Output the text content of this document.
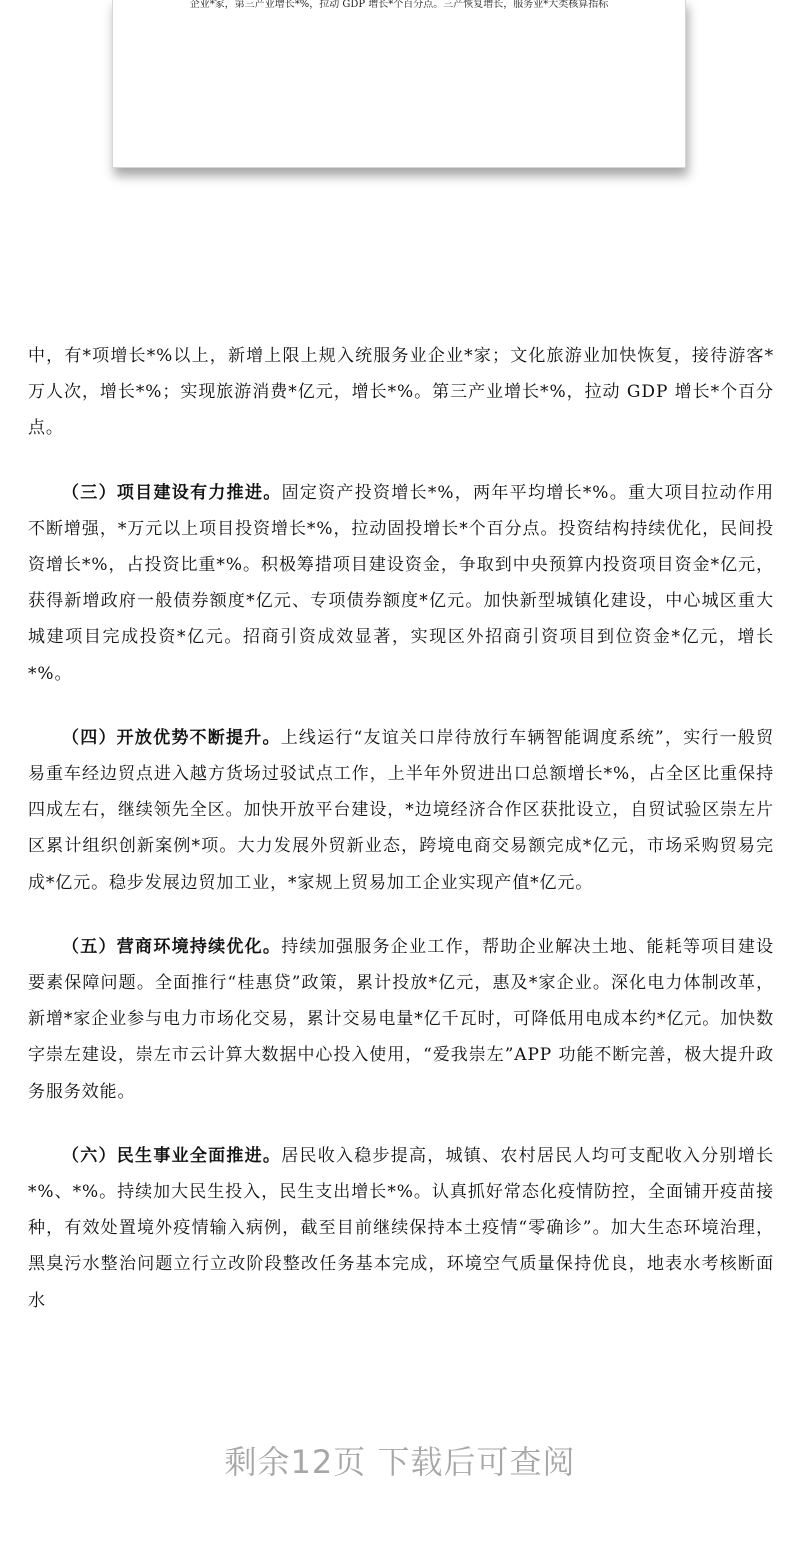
企业*家，第三产业增长*%，拉动 GDP 增长*个百分点。三产恢复增长，服务业*大类核算指标

中，有*项增长*%以上，新增上限上规入统服务业企业*家；文化旅游业加快恢复，接待游客*万人次，增长*%；实现旅游消费*亿元，增长*%。第三产业增长*%，拉动 GDP 增长*个百分点。

（三）项目建设有力推进。固定资产投资增长*%，两年平均增长*%。重大项目拉动作用不断增强，*万元以上项目投资增长*%，拉动固投增长*个百分点。投资结构持续优化，民间投资增长*%，占投资比重*%。积极筹措项目建设资金，争取到中央预算内投资项目资金*亿元，获得新增政府一般债券额度*亿元、专项债券额度*亿元。加快新型城镇化建设，中心城区重大城建项目完成投资*亿元。招商引资成效显著，实现区外招商引资项目到位资金*亿元，增长*%。

（四）开放优势不断提升。上线运行“友谊关口岸待放行车辆智能调度系统”，实行一般贸易重车经边贸点进入越方货场过驳试点工作，上半年外贸进出口总额增长*%，占全区比重保持四成左右，继续领先全区。加快开放平台建设，*边境经济合作区获批设立，自贸试验区崇左片区累计组织创新案例*项。大力发展外贸新业态，跨境电商交易额完成*亿元，市场采购贸易完成*亿元。稳步发展边贸加工业，*家规上贸易加工企业实现产值*亿元。

（五）营商环境持续优化。持续加强服务企业工作，帮助企业解决土地、能耗等项目建设要素保障问题。全面推行“桂惠贷”政策，累计投放*亿元，惠及*家企业。深化电力体制改革，新增*家企业参与电力市场化交易，累计交易电量*亿千瓦时，可降低用电成本约*亿元。加快数字崇左建设，崇左市云计算大数据中心投入使用，“爱我崇左”APP 功能不断完善，极大提升政务服务效能。

（六）民生事业全面推进。居民收入稳步提高，城镇、农村居民人均可支配收入分别增长*%、*%。持续加大民生投入，民生支出增长*%。认真抓好常态化疫情防控，全面铺开疫苗接种，有效处置境外疫情输入病例，截至目前继续保持本土疫情“零确诊”。加大生态环境治理，黑臭污水整治问题立行立改阶段整改任务基本完成，环境空气质量保持优良，地表水考核断面水

剩余12页 下载后可查阅
